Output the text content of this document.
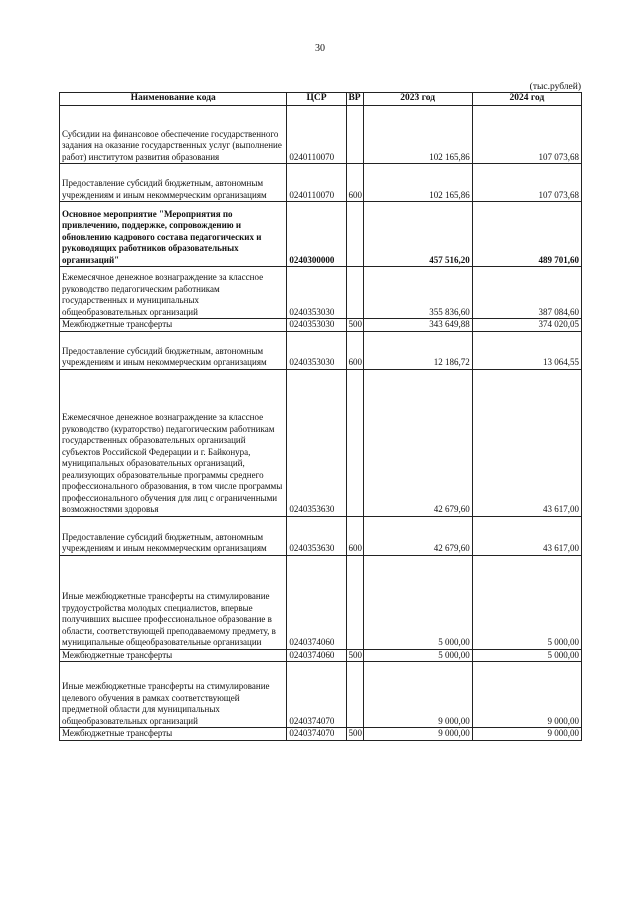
30
(тыс.рублей)
Наименование кода	ЦСР	ВР	2023 год	2024 год
Субсидии на финансовое обеспечение государственного задания на оказание государственных услуг (выполнение работ) институтом развития образования	0240110070		102 165,86	107 073,68
Предоставление субсидий бюджетным, автономным учреждениям и иным некоммерческим организациям	0240110070	600	102 165,86	107 073,68
Основное мероприятие "Мероприятия по привлечению, поддержке, сопровождению и обновлению кадрового состава педагогических и руководящих работников образовательных организаций"	0240300000		457 516,20	489 701,60
Ежемесячное денежное вознаграждение за классное руководство педагогическим работникам государственных и муниципальных общеобразовательных организаций	0240353030		355 836,60	387 084,60
Межбюджетные трансферты	0240353030	500	343 649,88	374 020,05
Предоставление субсидий бюджетным, автономным учреждениям и иным некоммерческим организациям	0240353030	600	12 186,72	13 064,55
Ежемесячное денежное вознаграждение за классное руководство (кураторство) педагогическим работникам государственных образовательных организаций субъектов Российской Федерации и г. Байконура, муниципальных образовательных организаций, реализующих образовательные программы среднего профессионального образования, в том числе программы профессионального обучения для лиц с ограниченными возможностями здоровья	0240353630		42 679,60	43 617,00
Предоставление субсидий бюджетным, автономным учреждениям и иным некоммерческим организациям	0240353630	600	42 679,60	43 617,00
Иные межбюджетные трансферты на стимулирование трудоустройства молодых специалистов, впервые получивших высшее профессиональное образование в области, соответствующей преподаваемому предмету, в муниципальные общеобразовательные организации	0240374060		5 000,00	5 000,00
Межбюджетные трансферты	0240374060	500	5 000,00	5 000,00
Иные межбюджетные трансферты на стимулирование целевого обучения в рамках соответствующей предметной области для муниципальных общеобразовательных организаций	0240374070		9 000,00	9 000,00
Межбюджетные трансферты	0240374070	500	9 000,00	9 000,00
